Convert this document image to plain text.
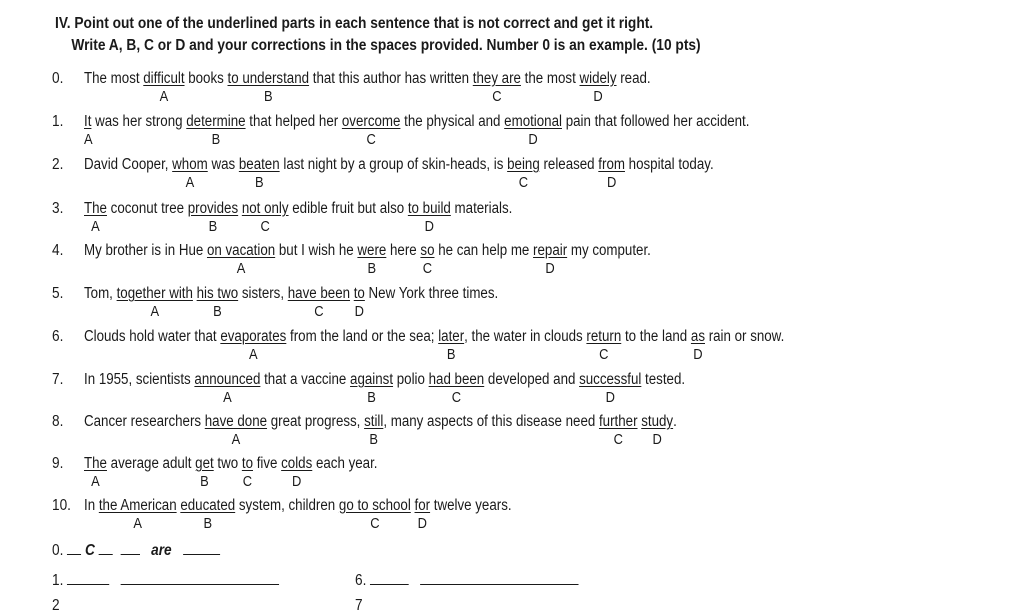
IV. Point out one of the underlined parts in each sentence that is not correct and get it right.
Write A, B, C or D and your corrections in the spaces provided. Number 0 is an example. (10 pts)
0.	The most difficult
A
books to understand
B
that this author has written they are
C
the most widely
D
read.
1.	It
A
was her strong determine
B
that helped her overcome
C
the physical and emotional
D
pain that followed her accident.
2.	David Cooper, whom
A
was beaten
B
last night by a group of skin-heads, is being
C
released from
D
hospital today.
3.	The
A
coconut tree provides
B
not only
C
edible fruit but also to build
D
materials.
4.	My brother is in Hue on vacation
A
but I wish he were
B
here so
C
he can help me repair
D
my computer.
5.	Tom, together with
A
his two
B
sisters, have been
C
to
D
New York three times.
6.	Clouds hold water that evaporates
A
from the land or the sea; later
B
, the water in clouds return
C
to the land as
D
rain or snow.
7.	In 1955, scientists announced
A
that a vaccine against
B
polio had been
C
developed and successful
D
tested.
8.	Cancer researchers have done
A
great progress, still
B
, many aspects of this disease need further
C
study
D
.
9.	The
A
average adult get
B
two to
C
five colds
D
each year.
10. In the American
A
educated
B
system, children go to school
C
for
D
twelve years.
0. C	are
1.	6.
2	7
